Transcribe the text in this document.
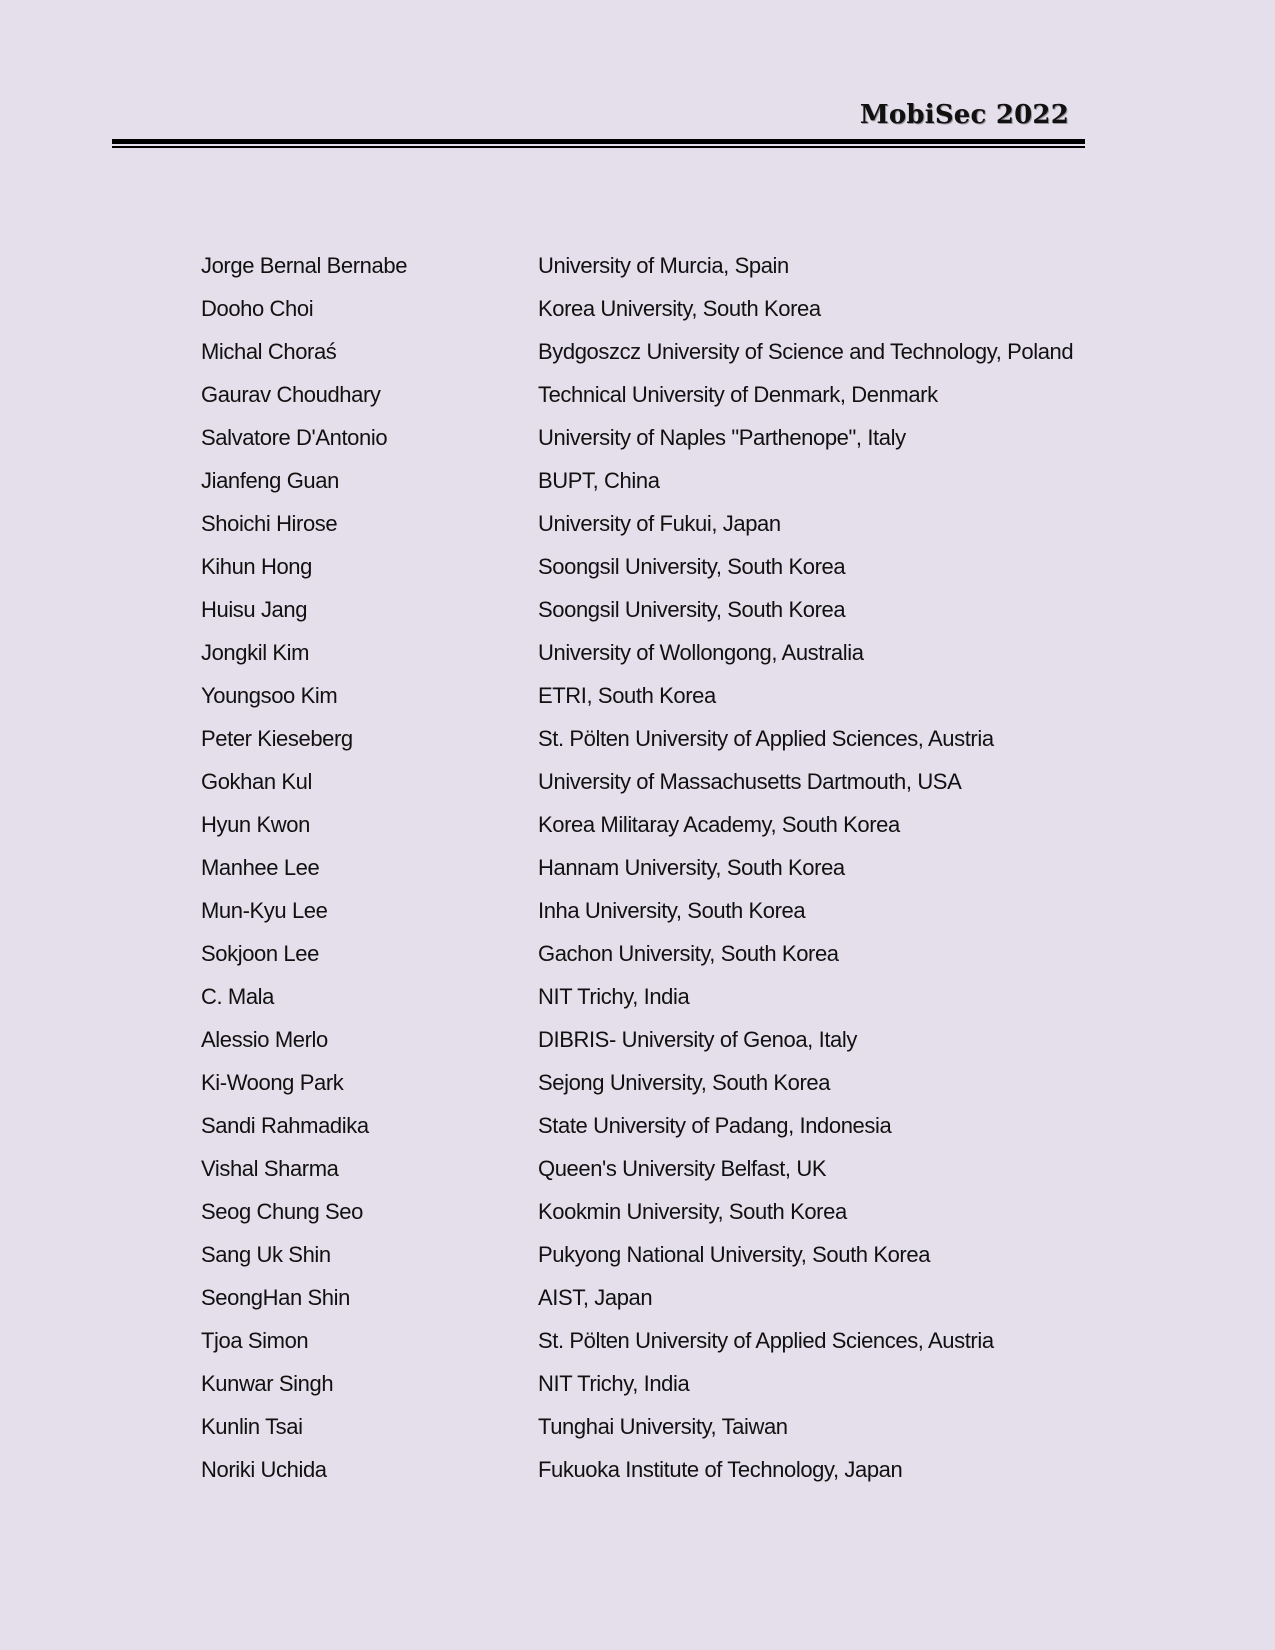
MobiSec 2022
Jorge Bernal Bernabe	University of Murcia, Spain
Dooho Choi	Korea University, South Korea
Michal Choraś	Bydgoszcz University of Science and Technology, Poland
Gaurav Choudhary	Technical University of Denmark, Denmark
Salvatore D'Antonio	University of Naples "Parthenope", Italy
Jianfeng Guan	BUPT, China
Shoichi Hirose	University of Fukui, Japan
Kihun Hong	Soongsil University, South Korea
Huisu Jang	Soongsil University, South Korea
Jongkil Kim	University of Wollongong, Australia
Youngsoo Kim	ETRI, South Korea
Peter Kieseberg	St. Pölten University of Applied Sciences, Austria
Gokhan Kul	University of Massachusetts Dartmouth, USA
Hyun Kwon	Korea Militaray Academy, South Korea
Manhee Lee	Hannam University, South Korea
Mun-Kyu Lee	Inha University, South Korea
Sokjoon Lee	Gachon University, South Korea
C. Mala	NIT Trichy, India
Alessio Merlo	DIBRIS- University of Genoa, Italy
Ki-Woong Park	Sejong University, South Korea
Sandi Rahmadika	State University of Padang, Indonesia
Vishal Sharma	Queen's University Belfast, UK
Seog Chung Seo	Kookmin University, South Korea
Sang Uk Shin	Pukyong National University, South Korea
SeongHan Shin	AIST, Japan
Tjoa Simon	St. Pölten University of Applied Sciences, Austria
Kunwar Singh	NIT Trichy, India
Kunlin Tsai	Tunghai University, Taiwan
Noriki Uchida	Fukuoka Institute of Technology, Japan
